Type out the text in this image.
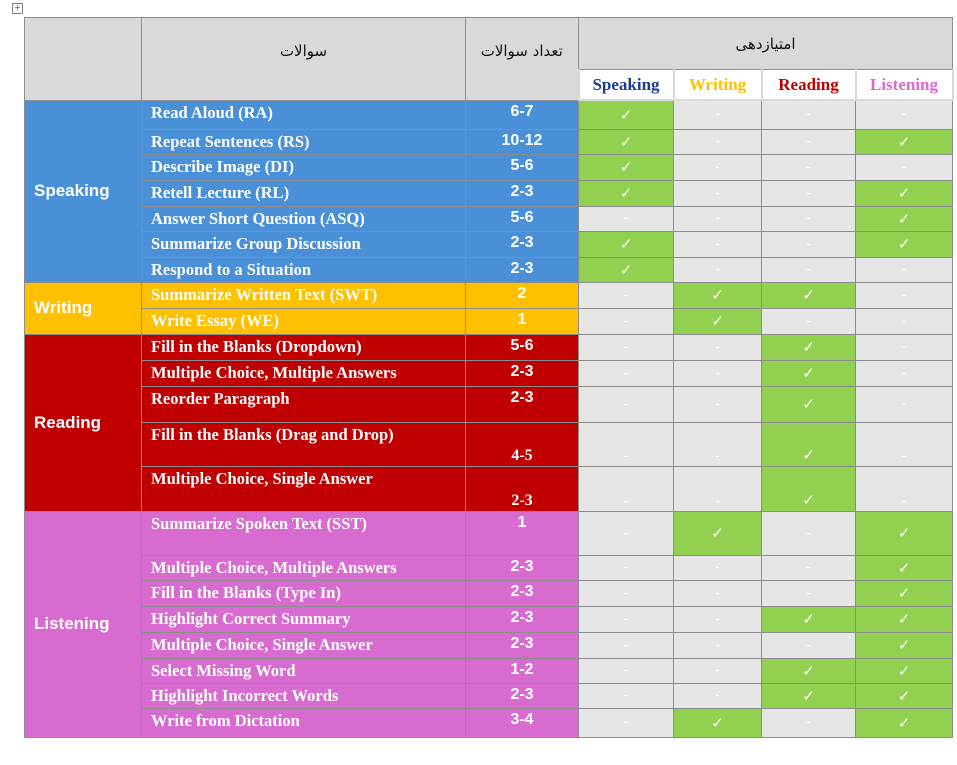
+
	سوالات	تعداد سوالات	امتیازدهی			
			Speaking	Writing	Reading	Listening
Speaking	Read Aloud (RA)	6-7	✓	-	-	-
	Repeat Sentences (RS)	10-12	✓	-	-	✓
	Describe Image (DI)	5-6	✓	-	-	-
	Retell Lecture (RL)	2-3	✓	-	-	✓
	Answer Short Question (ASQ)	5-6	-	-	-	✓
	Summarize Group Discussion	2-3	✓	-	-	✓
	Respond to a Situation	2-3	✓	-	-	-
Writing	Summarize Written Text (SWT)	2	-	✓	✓	-
	Write Essay (WE)	1	-	✓	-	-
Reading	Fill in the Blanks (Dropdown)	5-6	-	-	✓	-
	Multiple Choice, Multiple Answers	2-3	-	-	✓	-
	Reorder Paragraph	2-3	-	-	✓	-
	Fill in the Blanks (Drag and Drop)	4-5	-	-	✓	-
	Multiple Choice, Single Answer	2-3	-	-	✓	-
Listening	Summarize Spoken Text (SST)	1	-	✓	-	✓
	Multiple Choice, Multiple Answers	2-3	-	-	-	✓
	Fill in the Blanks (Type In)	2-3	-	-	-	✓
	Highlight Correct Summary	2-3	-	-	✓	✓
	Multiple Choice, Single Answer	2-3	-	-	-	✓
	Select Missing Word	1-2	-	-	✓	✓
	Highlight Incorrect Words	2-3	-	-	✓	✓
	Write from Dictation	3-4	-	✓	-	✓
